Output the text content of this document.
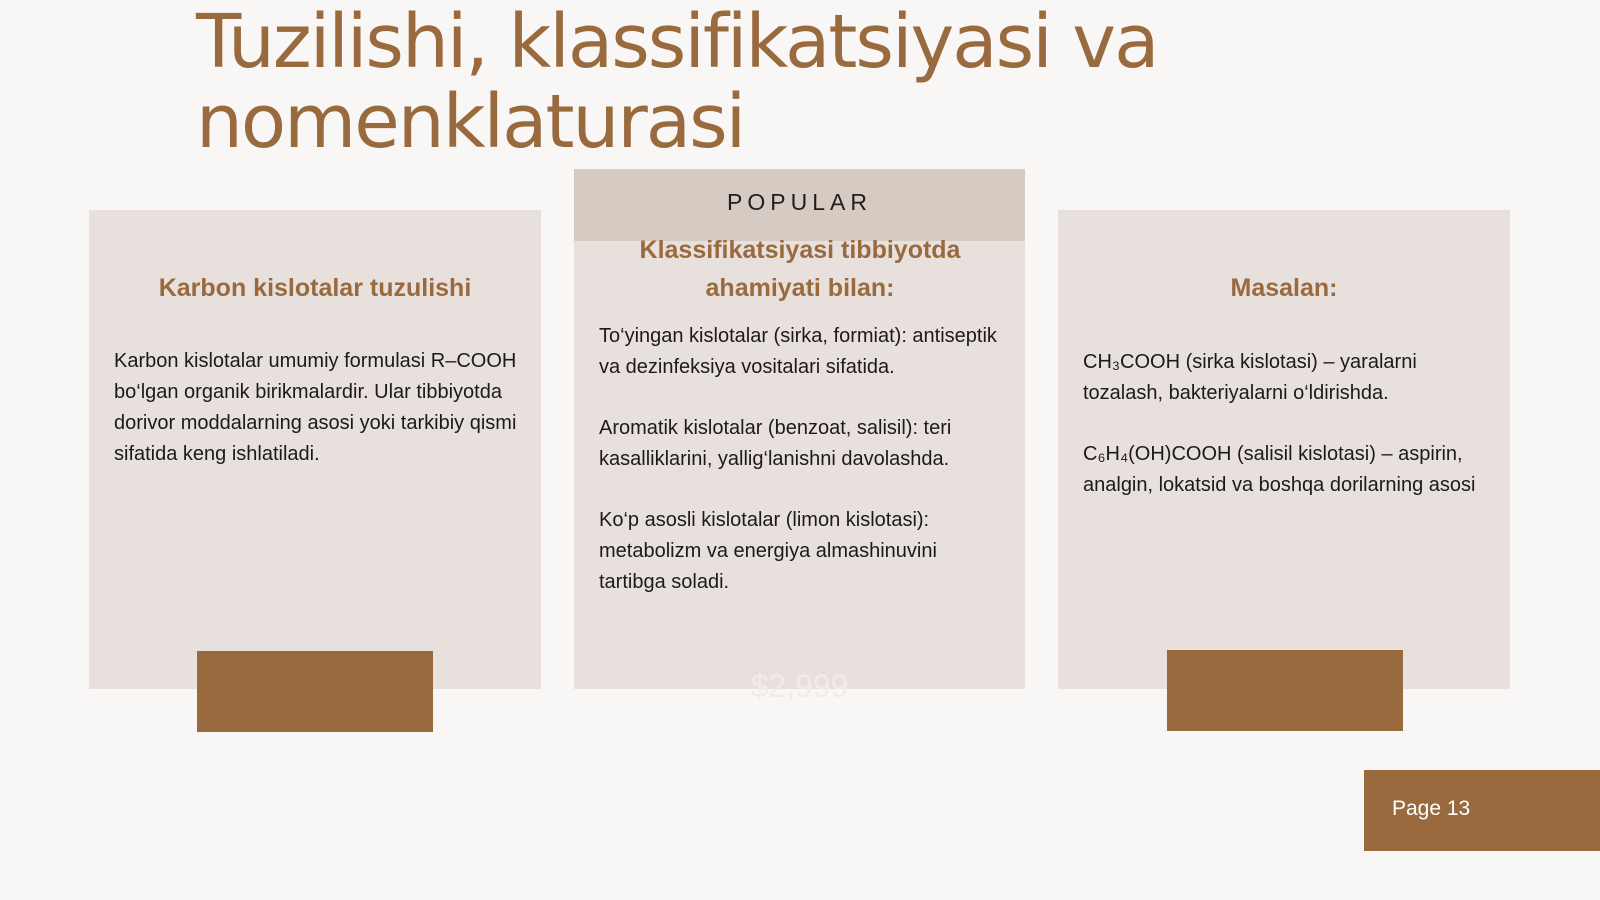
Tuzilishi, klassifikatsiyasi va nomenklaturasi
Karbon kislotalar tuzulishi

Karbon kislotalar umumiy formulasi R–COOH bo‘lgan organik birikmalardir. Ular tibbiyotda dorivor moddalarning asosi yoki tarkibiy qismi sifatida keng ishlatiladi.

POPULAR
Klassifikatsiyasi tibbiyotda ahamiyati bilan:

To‘yingan kislotalar (sirka, formiat): antiseptik va dezinfeksiya vositalari sifatida.

Aromatik kislotalar (benzoat, salisil): teri kasalliklarini, yallig‘lanishni davolashda.

Ko‘p asosli kislotalar (limon kislotasi): metabolizm va energiya almashinuvini tartibga soladi.

$2,999
Masalan:

CH₃COOH (sirka kislotasi) – yaralarni tozalash, bakteriyalarni o‘ldirishda.

C₆H₄(OH)COOH (salisil kislotasi) – aspirin, analgin, lokatsid va boshqa dorilarning asosi

Page 13
